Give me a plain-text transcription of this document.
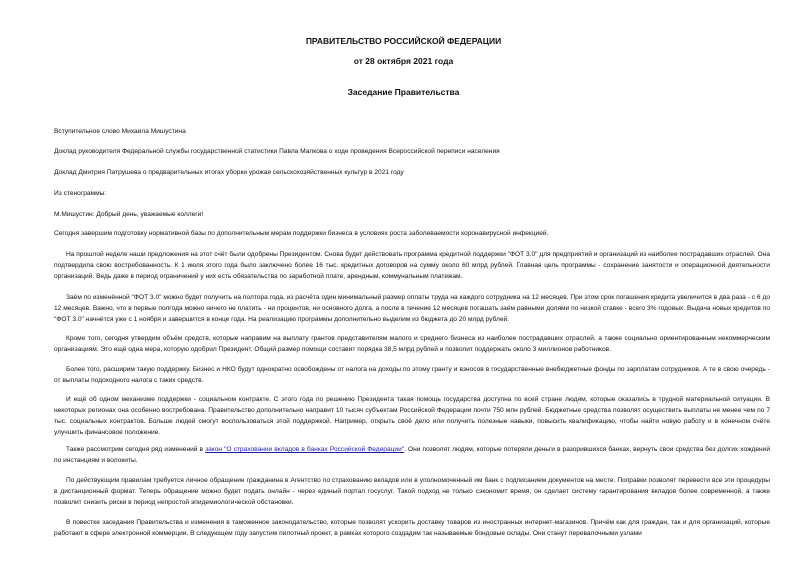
ПРАВИТЕЛЬСТВО РОССИЙСКОЙ ФЕДЕРАЦИИ
от 28 октября 2021 года
Заседание Правительства

Вступительное слово Михаила Мишустина

Доклад руководителя Федеральной службы государственной статистики Павла Малкова о ходе проведения Всероссийской переписи населения

Доклад Дмитрия Патрушева о предварительных итогах уборки урожая сельскохозяйственных культур в 2021 году

Из стенограммы:

М.Мишустин: Добрый день, уважаемые коллеги!

Сегодня завершим подготовку нормативной базы по дополнительным мерам поддержки бизнеса в условиях роста заболеваемости коронавирусной инфекцией.

На прошлой неделе наши предложения на этот счёт были одобрены Президентом. Снова будет действовать программа кредитной поддержки "ФОТ 3.0" для предприятий и организаций из наиболее пострадавших отраслей. Она подтвердила свою востребованность. К 1 июля этого года было заключено более 16 тыс. кредитных договоров на сумму около 60 млрд рублей. Главная цель программы - сохранение занятости и операционной деятельности организаций. Ведь даже в период ограничений у них есть обязательства по заработной плате, арендным, коммунальным платежам.

Заём по изменённой "ФОТ 3.0" можно будет получить на полтора года, из расчёта один минимальный размер оплаты труда на каждого сотрудника на 12 месяцев. При этом срок погашения кредита увеличится в два раза - с 6 до 12 месяцев. Важно, что в первые полгода можно ничего не платить - ни процентов, ни основного долга, а после в течение 12 месяцев погашать заём равными долями по низкой ставке - всего 3% годовых. Выдача новых кредитов по "ФОТ 3.0" начнётся уже с 1 ноября и завершится в конце года. На реализацию программы дополнительно выделим из бюджета до 20 млрд рублей.

Кроме того, сегодня утвердим объём средств, которые направим на выплату грантов представителям малого и среднего бизнеса из наиболее пострадавших отраслей, а также социально ориентированным некоммерческим организациям. Это ещё одна мера, которую одобрил Президент. Общий размер помощи составит порядка 38,5 млрд рублей и позволит поддержать около 3 миллионов работников.

Более того, расширим такую поддержку. Бизнес и НКО будут однократно освобождены от налога на доходы по этому гранту и взносов в государственные внебюджетные фонды по зарплатам сотрудников. А те в свою очередь - от выплаты подоходного налога с таких средств.

И ещё об одном механизме поддержки - социальном контракте. С этого года по решению Президента такая помощь государства доступна по всей стране людям, которые оказались в трудной материальной ситуации. В некоторых регионах она особенно востребована. Правительство дополнительно направит 10 тысяч субъектам Российской Федерации почти 750 млн рублей. Бюджетные средства позволят осуществить выплаты не менее чем по 7 тыс. социальных контрактов. Больше людей смогут воспользоваться этой поддержкой. Например, открыть своё дело или получить полезные навыки, повысить квалификацию, чтобы найти новую работу и в конечном счёте улучшить финансовое положение.

Также рассмотрим сегодня ряд изменений в закон "О страховании вкладов в банках Российской Федерации". Они позволят людям, которые потеряли деньги в разорившихся банках, вернуть свои средства без долгих хождений по инстанциям и волокиты.

По действующим правилам требуется личное обращение гражданина в Агентство по страхованию вкладов или в уполномоченный им банк с подписанием документов на месте. Поправки позволят перевести все эти процедуры в дистанционный формат. Теперь обращение можно будет подать онлайн - через единый портал госуслуг. Такой подход не только сэкономит время, он сделает систему гарантирования вкладов более современной, а также позволит снизить риски в период непростой эпидемиологической обстановки.

В повестке заседания Правительства и изменения в таможенное законодательство, которые позволят ускорить доставку товаров из иностранных интернет-магазинов. Причём как для граждан, так и для организаций, которые работают в сфере электронной коммерции. В следующем году запустим пилотный проект, в рамках которого создадим так называемые бондовые склады. Они станут перевалочными узлами
